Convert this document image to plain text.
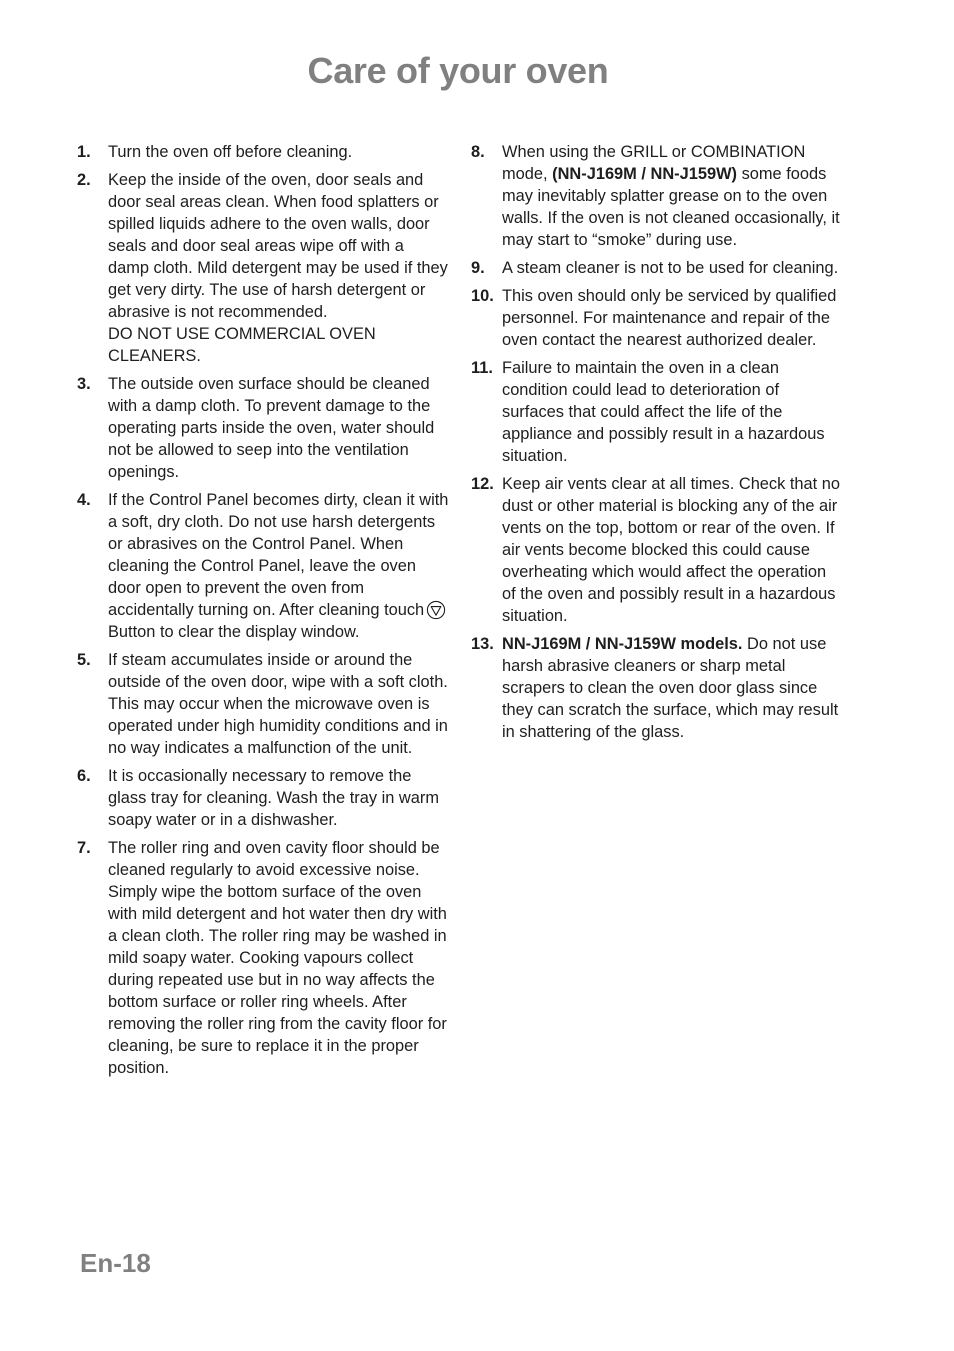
Care of your oven
1.	Turn the oven off before cleaning.
2.	Keep the inside of the oven, door seals and door seal areas clean. When food splatters or spilled liquids adhere to the oven walls, door seals and door seal areas wipe off with a damp cloth. Mild detergent may be used if they get very dirty. The use of harsh detergent or abrasive is not recommended.
DO NOT USE COMMERCIAL OVEN CLEANERS.
3.	The outside oven surface should be cleaned with a damp cloth. To prevent damage to the operating parts inside the oven, water should not be allowed to seep into the ventilation openings.
4.	If the Control Panel becomes dirty, clean it with a soft, dry cloth. Do not use harsh detergents or abrasives on the Control Panel. When cleaning the Control Panel, leave the oven door open to prevent the oven from accidentally turning on. After cleaning touchButton to clear the display window.
5.	If steam accumulates inside or around the outside of the oven door, wipe with a soft cloth. This may occur when the microwave oven is operated under high humidity conditions and in no way indicates a malfunction of the unit.
6.	It is occasionally necessary to remove the glass tray for cleaning. Wash the tray in warm soapy water or in a dishwasher.
7.	The roller ring and oven cavity floor should be cleaned regularly to avoid excessive noise. Simply wipe the bottom surface of the oven with mild detergent and hot water then dry with a clean cloth. The roller ring may be washed in mild soapy water. Cooking vapours collect during repeated use but in no way affects the bottom surface or roller ring wheels. After removing the roller ring from the cavity floor for cleaning, be sure to replace it in the proper position.
8.	When using the GRILL or COMBINATION mode, (NN-J169M / NN-J159W) some foods may inevitably splatter grease on to the oven walls. If the oven is not cleaned occasionally, it may start to “smoke” during use.
9.	A steam cleaner is not to be used for cleaning.
10. This oven should only be serviced by qualified personnel. For maintenance and repair of the oven contact the nearest authorized dealer.
11. Failure to maintain the oven in a clean condition could lead to deterioration of surfaces that could affect the life of the appliance and possibly result in a hazardous situation.
12. Keep air vents clear at all times. Check that no dust or other material is blocking any of the air vents on the top, bottom or rear of the oven. If air vents become blocked this could cause overheating which would affect the operation of the oven and possibly result in a hazardous situation.
13. NN-J169M / NN-J159W models. Do not use harsh abrasive cleaners or sharp metal scrapers to clean the oven door glass since they can scratch the surface, which may result in shattering of the glass.
En-18
